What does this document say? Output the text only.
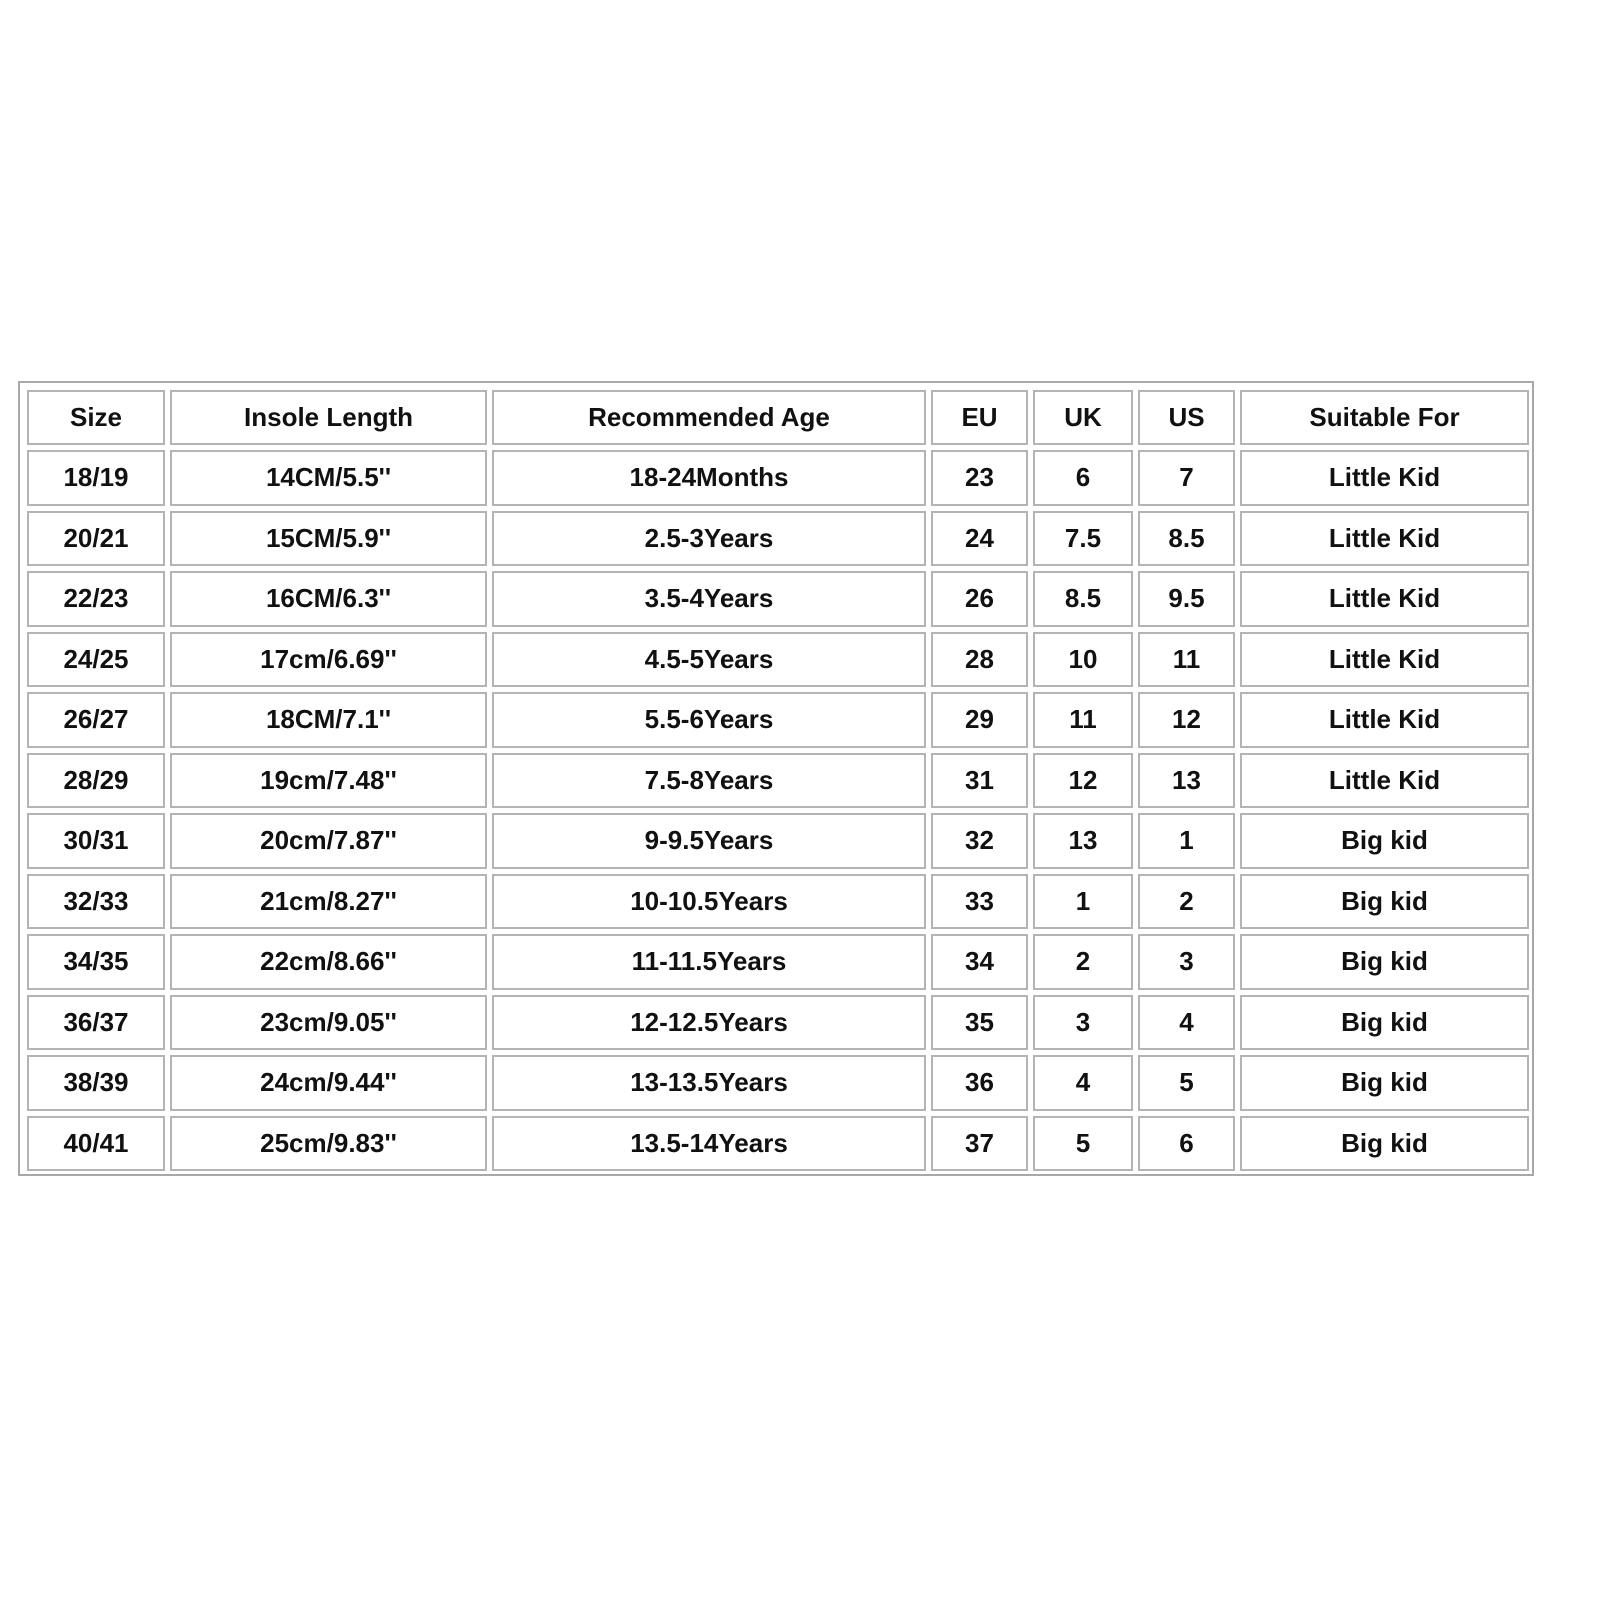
Size	Insole Length	Recommended Age	EU	UK	US	Suitable For
18/19	14CM/5.5''	18-24Months	23	6	7	Little Kid
20/21	15CM/5.9''	2.5-3Years	24	7.5	8.5	Little Kid
22/23	16CM/6.3''	3.5-4Years	26	8.5	9.5	Little Kid
24/25	17cm/6.69''	4.5-5Years	28	10	11	Little Kid
26/27	18CM/7.1''	5.5-6Years	29	11	12	Little Kid
28/29	19cm/7.48''	7.5-8Years	31	12	13	Little Kid
30/31	20cm/7.87''	9-9.5Years	32	13	1	Big kid
32/33	21cm/8.27''	10-10.5Years	33	1	2	Big kid
34/35	22cm/8.66''	11-11.5Years	34	2	3	Big kid
36/37	23cm/9.05''	12-12.5Years	35	3	4	Big kid
38/39	24cm/9.44''	13-13.5Years	36	4	5	Big kid
40/41	25cm/9.83''	13.5-14Years	37	5	6	Big kid
